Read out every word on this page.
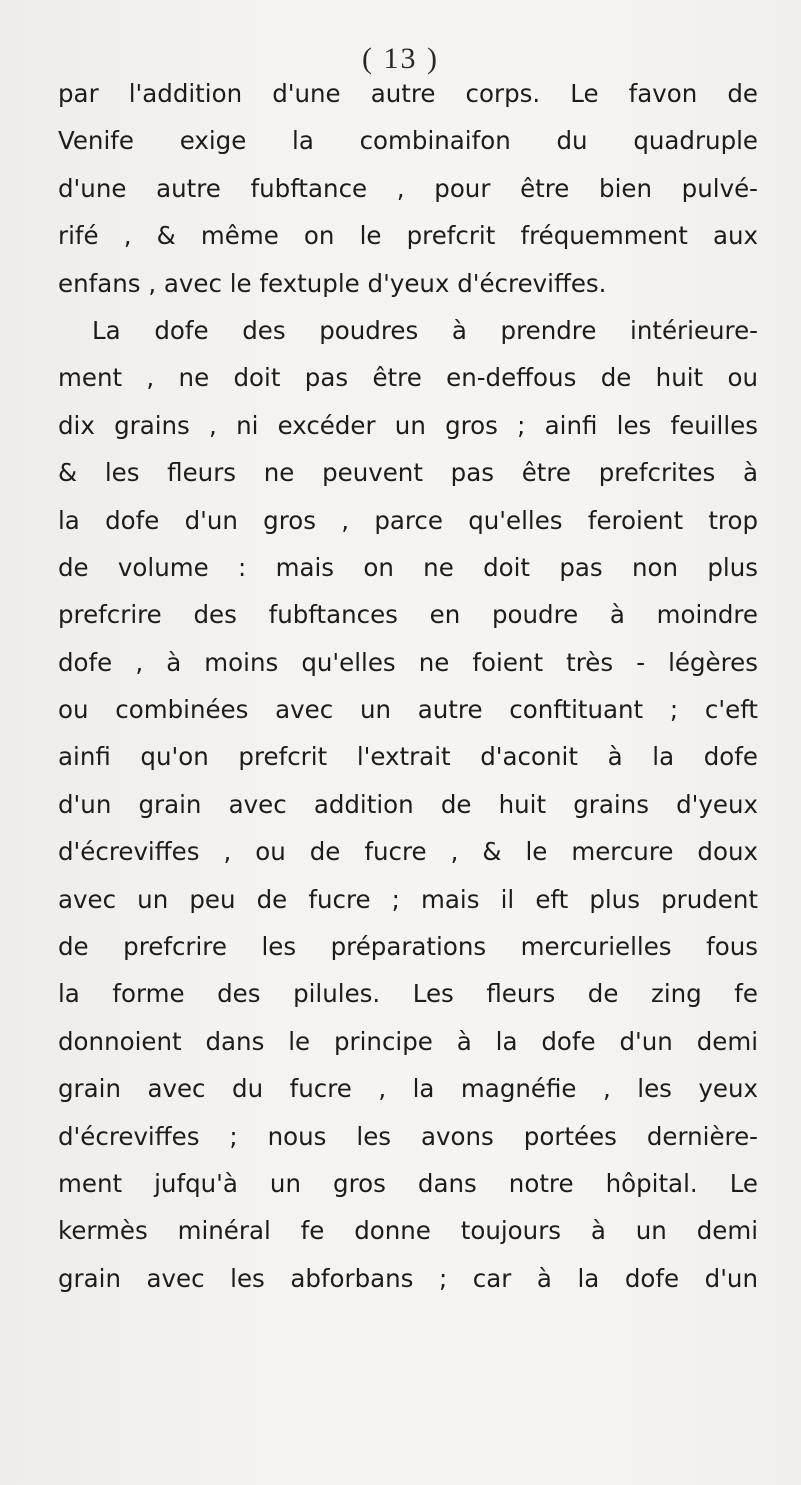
( 13 )
par l'addition d'une autre corps. Le favon de
Venife exige la combinaifon du quadruple
d'une autre fubftance , pour être bien pulvé-
rifé , & même on le prefcrit fréquemment aux
enfans , avec le fextuple d'yeux d'écreviffes.
La dofe des poudres à prendre intérieure-
ment , ne doit pas être en-deffous de huit ou
dix grains , ni excéder un gros ; ainfi les feuilles
& les fleurs ne peuvent pas être prefcrites à
la dofe d'un gros , parce qu'elles feroient trop
de volume : mais on ne doit pas non plus
prefcrire des fubftances en poudre à moindre
dofe , à moins qu'elles ne foient très - légères
ou combinées avec un autre conftituant ; c'eft
ainfi qu'on prefcrit l'extrait d'aconit à la dofe
d'un grain avec addition de huit grains d'yeux
d'écreviffes , ou de fucre , & le mercure doux
avec un peu de fucre ; mais il eft plus prudent
de prefcrire les préparations mercurielles fous
la forme des pilules. Les fleurs de zing fe
donnoient dans le principe à la dofe d'un demi
grain avec du fucre , la magnéfie , les yeux
d'écreviffes ; nous les avons portées dernière-
ment jufqu'à un gros dans notre hôpital. Le
kermès minéral fe donne toujours à un demi
grain avec les abforbans ; car à la dofe d'un
